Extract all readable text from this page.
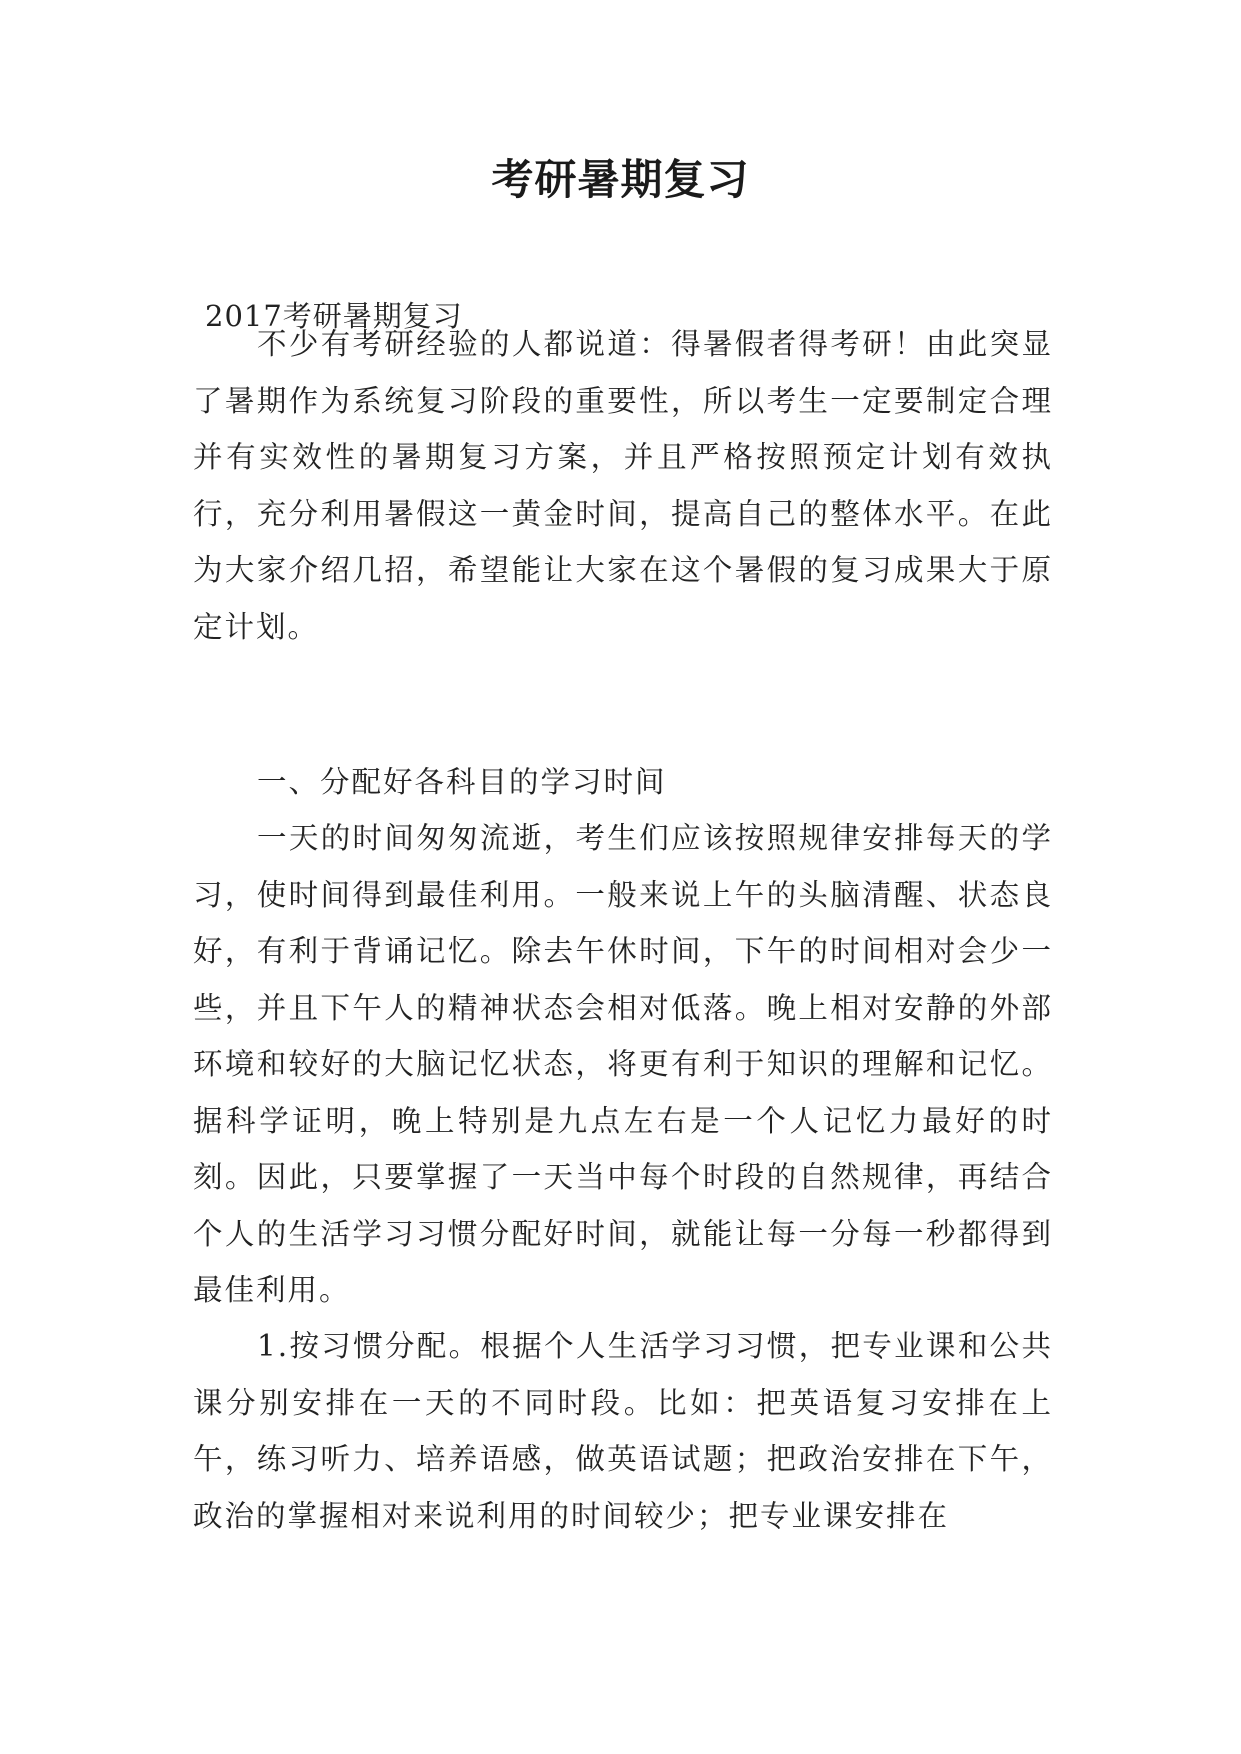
考研暑期复习
2017考研暑期复习

不少有考研经验的人都说道：得暑假者得考研！由此突显了暑期作为系统复习阶段的重要性，所以考生一定要制定合理并有实效性的暑期复习方案，并且严格按照预定计划有效执行，充分利用暑假这一黄金时间，提高自己的整体水平。在此为大家介绍几招，希望能让大家在这个暑假的复习成果大于原定计划。

一、分配好各科目的学习时间

一天的时间匆匆流逝，考生们应该按照规律安排每天的学习，使时间得到最佳利用。一般来说上午的头脑清醒、状态良好，有利于背诵记忆。除去午休时间，下午的时间相对会少一些，并且下午人的精神状态会相对低落。晚上相对安静的外部环境和较好的大脑记忆状态，将更有利于知识的理解和记忆。据科学证明，晚上特别是九点左右是一个人记忆力最好的时刻。因此，只要掌握了一天当中每个时段的自然规律，再结合个人的生活学习习惯分配好时间，就能让每一分每一秒都得到最佳利用。

1.按习惯分配。根据个人生活学习习惯，把专业课和公共课分别安排在一天的不同时段。比如：把英语复习安排在上午，练习听力、培养语感，做英语试题；把政治安排在下午，政治的掌握相对来说利用的时间较少；把专业课安排在
